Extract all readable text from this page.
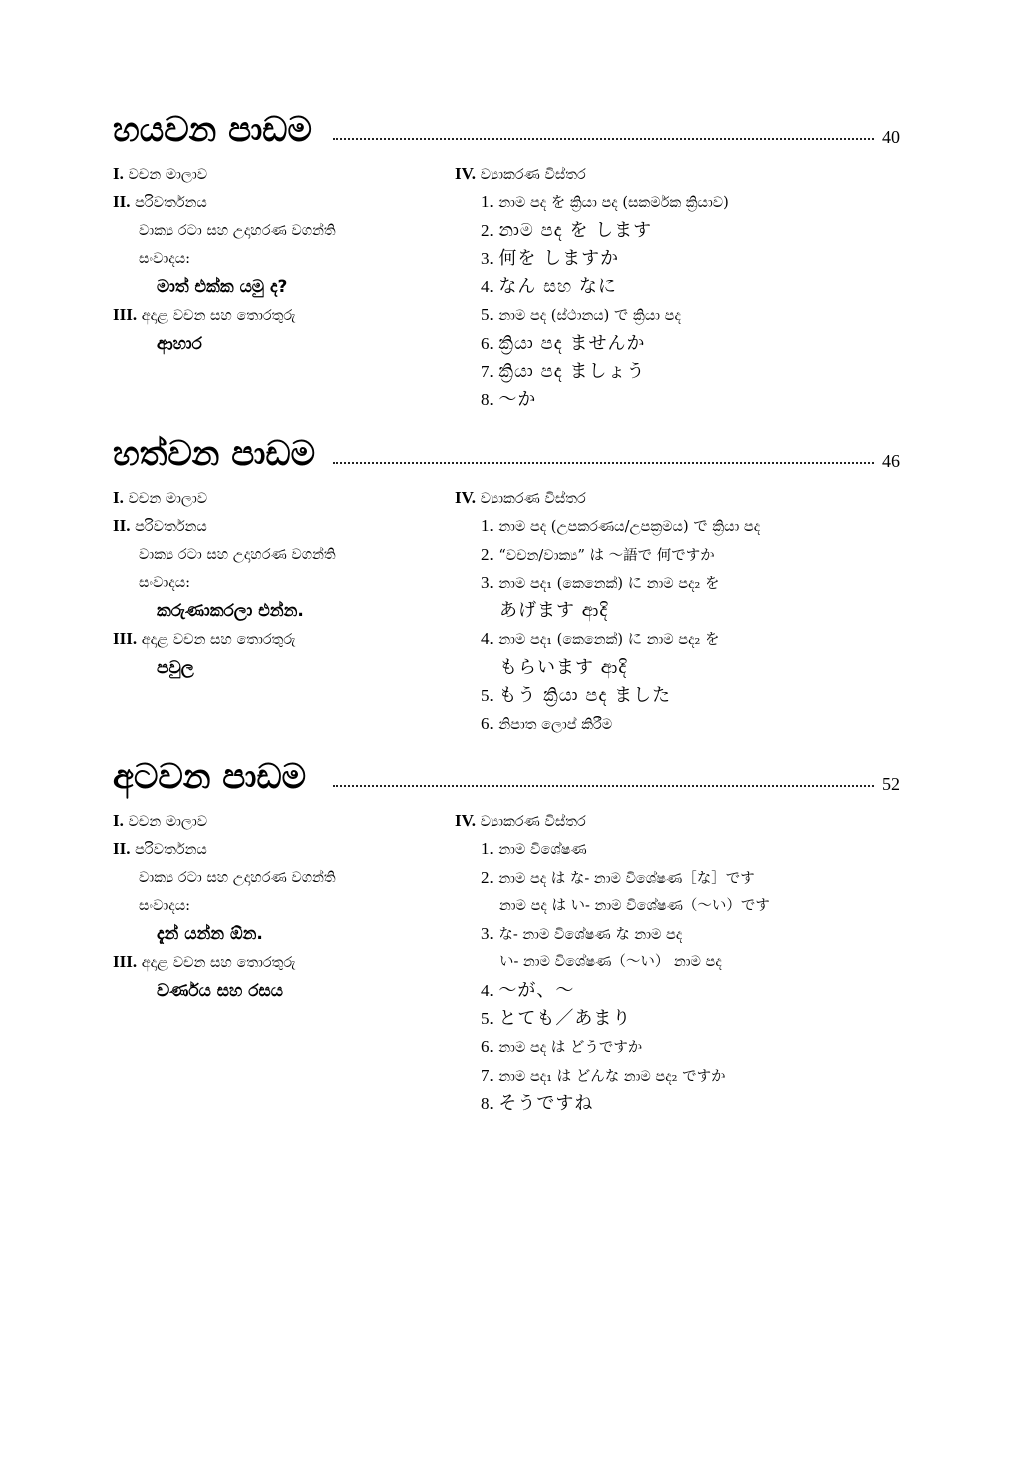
හයවන පාඩම	40
I. වචන මාලාව
II. පරිවර්තනය
වාක්‍ය රටා සහ උදාහරණ වගන්ති
සංවාදය:
මාත් එක්ක යමු ද?
III. අදාළ වචන සහ තොරතුරු
ආහාර
IV. ව්‍යාකරණ විස්තර
1. නාම පද を ක්‍රියා පද (සකර්මක ක්‍රියාව)
2. නාම පද を します
3. 何を しますか
4. なん සහ なに
5. නාම පද (ස්ථානය) で ක්‍රියා පද
6. ක්‍රියා පද ませんか
7. ක්‍රියා පද ましょう
8. ～か
හත්වන පාඩම	46
I. වචන මාලාව
II. පරිවර්තනය
වාක්‍ය රටා සහ උදාහරණ වගන්ති
සංවාදය:
කරුණාකරලා එන්න.
III. අදාළ වචන සහ තොරතුරු
පවුල
IV. ව්‍යාකරණ විස්තර
1. නාම පද (උපකරණය/උපක්‍රමය) で ක්‍රියා පද
2. “වචන/වාක්‍ය” は ～語で 何ですか
3. නාම පද₁ (කෙනෙක්) に නාම පද₂ を
あげます ආදි
4. නාම පද₁ (කෙනෙක්) に නාම පද₂ を
もらいます ආදි
5. もう ක්‍රියා පද ました
6. නිපාත ලොප් කිරීම
අටවන පාඩම	52
I. වචන මාලාව
II. පරිවර්තනය
වාක්‍ය රටා සහ උදාහරණ වගන්ති
සංවාදය:
දැන් යන්න ඕන.
III. අදාළ වචන සහ තොරතුරු
වර්ණය සහ රසය
IV. ව්‍යාකරණ විස්තර
1. නාම විශේෂණ
2. නාම පද は な- නාම විශේෂණ［な］です
නාම පද は い- නාම විශේෂණ（～い）です
3. な- නාම විශේෂණ な නාම පද
い- නාම විශේෂණ（～い） නාම පද
4. ～が、～
5. とても／あまり
6. නාම පද は どうですか
7. නාම පද₁ は どんな නාම පද₂ ですか
8. そうですね
